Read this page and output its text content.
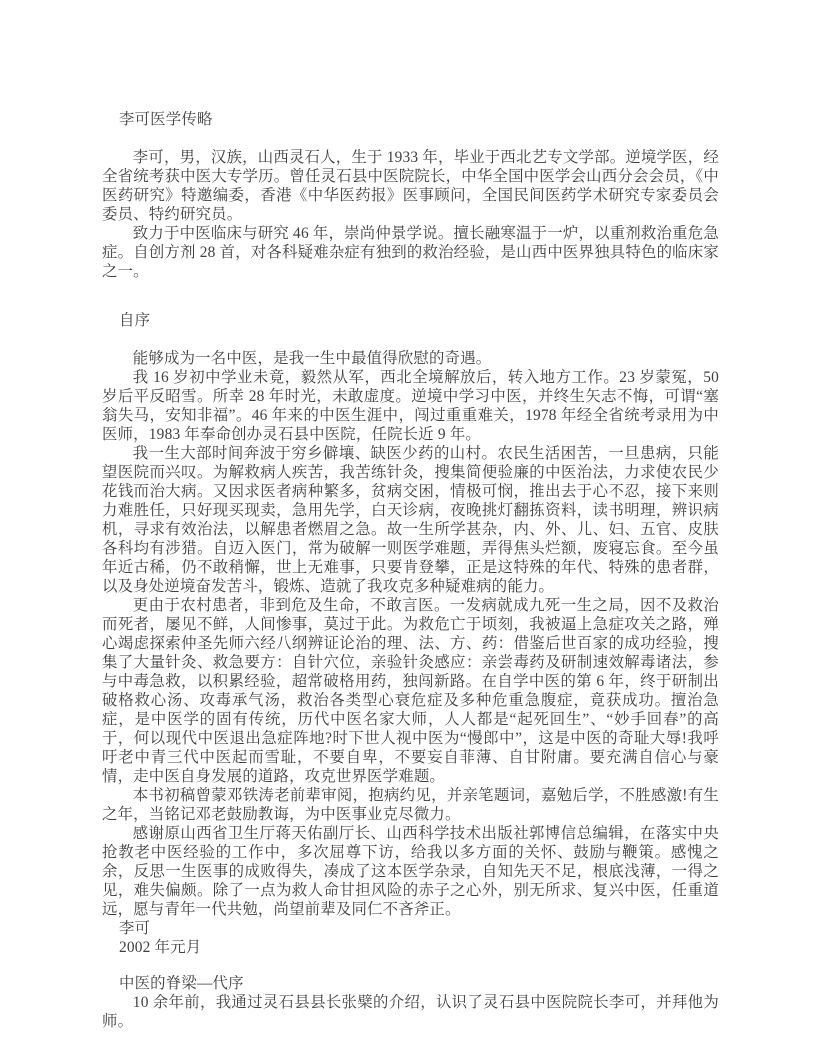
李可医学传略

李可，男，汉族，山西灵石人，生于 1933 年，毕业于西北艺专文学部。逆境学医，经全省统考获中医大专学历。曾任灵石县中医院院长，中华全国中医学会山西分会会员，《中医药研究》特邀编委，香港《中华医药报》医事顾问，全国民间医药学术研究专家委员会委员、特约研究员。

致力于中医临床与研究 46 年，崇尚仲景学说。擅长融寒温于一炉，以重剂救治重危急症。自创方剂 28 首，对各科疑难杂症有独到的救治经验，是山西中医界独具特色的临床家之一。

自序

能够成为一名中医，是我一生中最值得欣慰的奇遇。

我 16 岁初中学业未竟，毅然从军，西北全境解放后，转入地方工作。23 岁蒙冤，50 岁后平反昭雪。所幸 28 年时光，未敢虚度。逆境中学习中医，并终生矢志不悔，可谓“塞翁失马，安知非福”。46 年来的中医生涯中，闯过重重难关，1978 年经全省统考录用为中医师，1983 年奉命创办灵石县中医院，任院长近 9 年。

我一生大部时间奔波于穷乡僻壤、缺医少药的山村。农民生活困苦，一旦患病，只能望医院而兴叹。为解救病人疾苦，我苦练针灸，搜集简便验廉的中医治法，力求使农民少花钱而治大病。又因求医者病种繁多，贫病交困，情极可悯，推出去于心不忍，接下来则力难胜任，只好现买现卖，急用先学，白天诊病，夜晚挑灯翻拣资料，读书明理，辨识病机，寻求有效治法，以解患者燃眉之急。故一生所学甚杂，内、外、儿、妇、五官、皮肤各科均有涉猎。自迈入医门，常为破解一则医学难题，弄得焦头烂额，废寝忘食。至今虽年近古稀，仍不敢稍懈，世上无难事，只要肯登攀，正是这特殊的年代、特殊的患者群，以及身处逆境奋发苦斗，锻炼、造就了我攻克多种疑难病的能力。

更由于农村患者，非到危及生命，不敢言医。一发病就成九死一生之局，因不及救治而死者，屡见不鲜，人间惨事，莫过于此。为救危亡于顷刻，我被逼上急症攻关之路，殚心竭虑探索仲圣先师六经八纲辨证论治的理、法、方、药：借鉴后世百家的成功经验，搜集了大量针灸、救急要方：自针穴位，亲验针灸感应：亲尝毒药及研制速效解毒诸法，参与中毒急救，以积累经验，超常破格用药，独闯新路。在自学中医的第 6 年，终于研制出破格救心汤、攻毒承气汤，救治各类型心衰危症及多种危重急腹症，竟获成功。擅治急症，是中医学的固有传统，历代中医名家大师，人人都是“起死回生”、“妙手回春”的高于，何以现代中医退出急症阵地?时下世人视中医为“慢郎中”，这是中医的奇耻大辱!我呼吁老中青三代中医起而雪耻，不要自卑，不要妄自菲薄、自甘附庸。要充满自信心与豪情，走中医自身发展的道路，攻克世界医学难题。

本书初稿曾蒙邓铁涛老前辈审阅，抱病约见，并亲笔题词，嘉勉后学，不胜感激!有生之年，当铭记邓老鼓励教诲，为中医事业克尽微力。

感谢原山西省卫生厅蒋天佑副厅长、山西科学技术出版社郭博信总编辑，在落实中央抢教老中医经验的工作中，多次屈尊下访，给我以多方面的关怀、鼓励与鞭策。感愧之余，反思一生医事的成败得失，凑成了这本医学杂录，自知先天不足，根底浅薄，一得之见，难失偏颇。除了一点为救人命甘担风险的赤子之心外，别无所求、复兴中医，任重道远，愿与青年一代共勉，尚望前辈及同仁不吝斧正。

李可
2002 年元月
中医的脊梁—代序

10 余年前，我通过灵石县县长张檗的介绍，认识了灵石县中医院院长李可，并拜他为师。
